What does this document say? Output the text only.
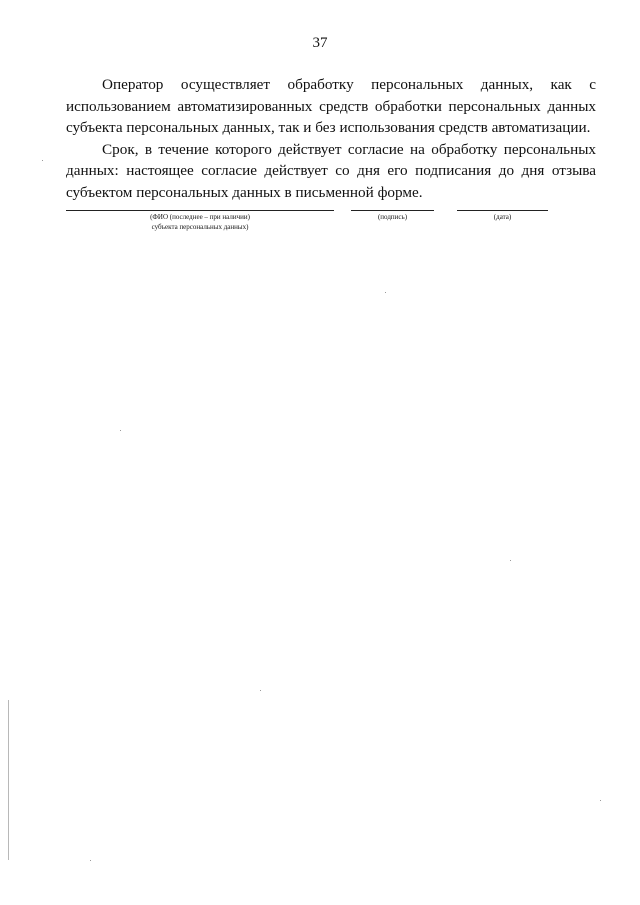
37

Оператор осуществляет обработку персональных данных, как с использованием автоматизированных средств обработки персональных данных субъекта персональных данных, так и без использования средств автоматизации.

Срок, в течение которого действует согласие на обработку персональных данных: настоящее согласие действует со дня его подписания до дня отзыва субъектом персональных данных в письменной форме.

(ФИО (последнее – при наличии)
субъекта персональных данных)
(подпись)	(дата)
